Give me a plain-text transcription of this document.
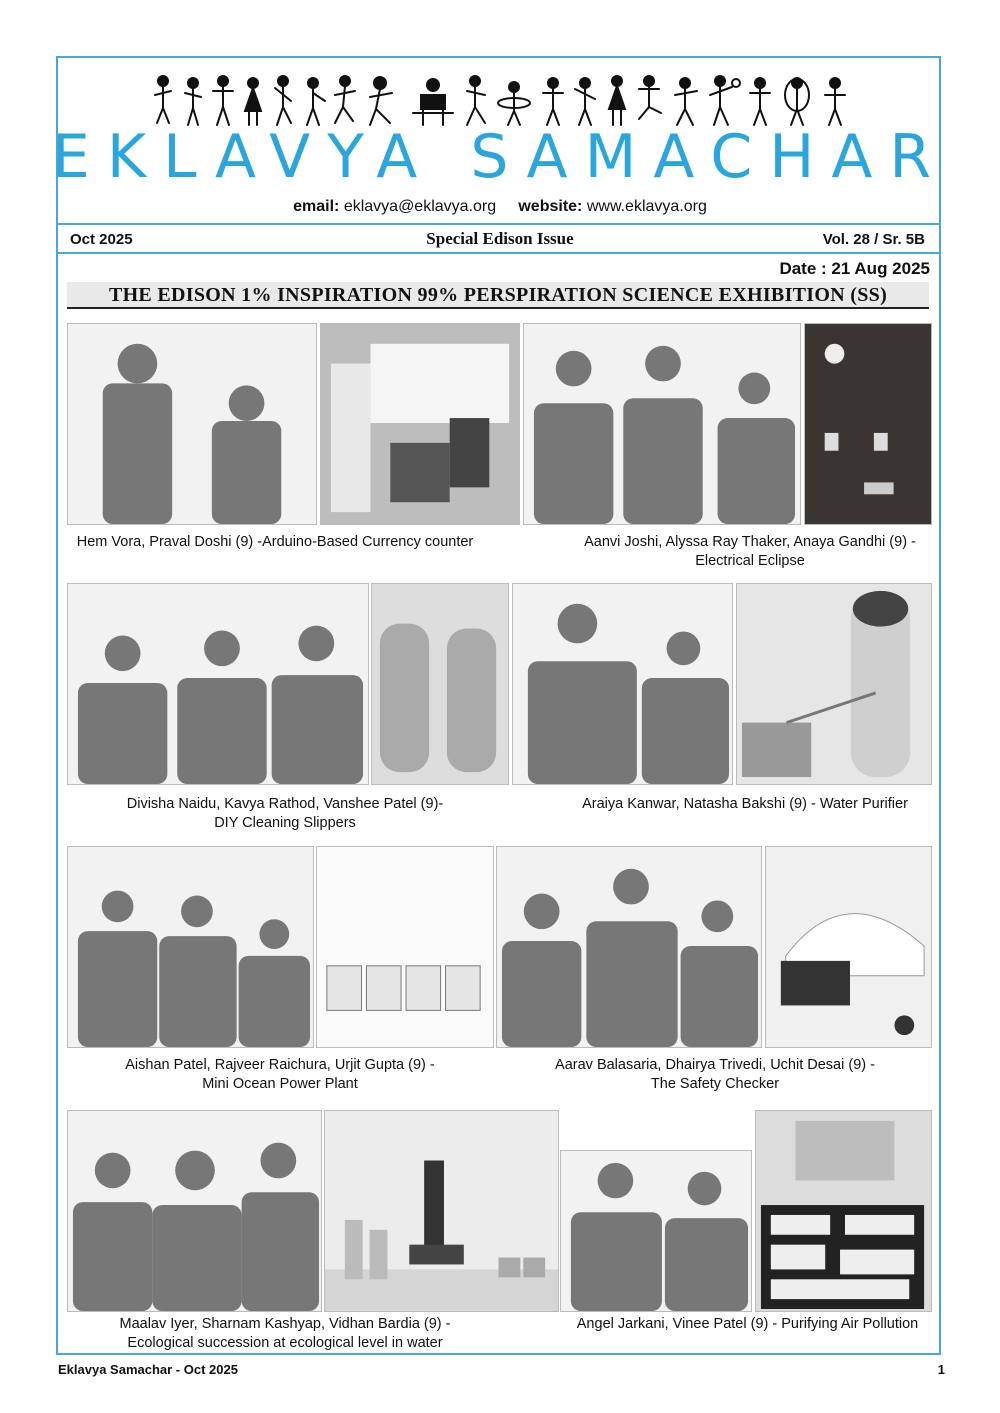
EKLAVYA SAMACHAR
email: eklavya@eklavya.org website: www.eklavya.org
Oct 2025	Special Edison Issue	Vol. 28 / Sr. 5B
Date : 21 Aug 2025
THE EDISON 1% INSPIRATION 99% PERSPIRATION SCIENCE EXHIBITION (SS)
Hem Vora, Praval Doshi (9) -Arduino-Based Currency counter	Aanvi Joshi, Alyssa Ray Thaker, Anaya Gandhi (9) -
Electrical Eclipse
Divisha Naidu, Kavya Rathod, Vanshee Patel (9)-
DIY Cleaning Slippers
Araiya Kanwar, Natasha Bakshi (9) - Water Purifier
Aishan Patel, Rajveer Raichura, Urjit Gupta (9) -
Mini Ocean Power Plant
Aarav Balasaria, Dhairya Trivedi, Uchit Desai (9) -
The Safety Checker
Maalav Iyer, Sharnam Kashyap, Vidhan Bardia (9) -
Ecological succession at ecological level in water
Angel Jarkani, Vinee Patel (9) - Purifying Air Pollution
Eklavya Samachar - Oct 2025	1
